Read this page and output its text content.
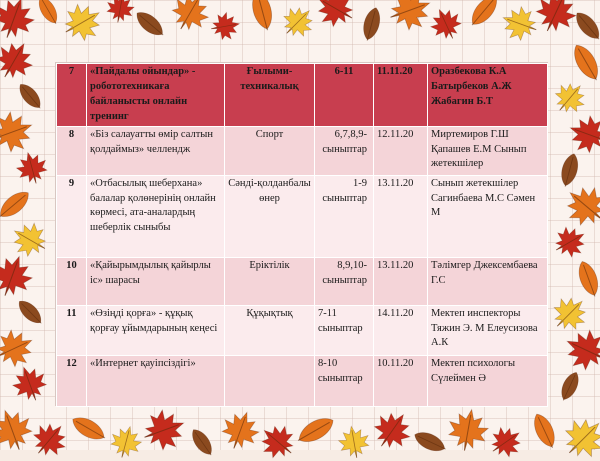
7	«Пайдалы ойындар» - робототехникаға байланысты онлайн тренинг	Ғылыми-техникалық	6-11	11.11.20	Оразбекова К.А Батырбеков А.Ж Жабагин Б.Т
8	«Біз салауатты өмір салтын қолдаймыз» челлендж	Спорт	6,7,8,9-сыныптар	12.11.20	Миртемиров Г.Ш Қапашев Е.М Сынып жетекшілер
9	«Отбасылық шеберхана» балалар қолөнерінің онлайн көрмесі, ата-аналардың шеберлік сыныбы	Сәнді-қолданбалы өнер	1-9 сыныптар	13.11.20	Сынып жетекшілер Сагинбаева М.С Сәмен М
10	«Қайырымдылық қайырлы іс» шарасы	Еріктілік	8,9,10-сыныптар	13.11.20	Тәлімгер Джексембаева Г.С
11	«Өзіңді қорға» - құқық қорғау ұйымдарының кеңесі	Құқықтық	7-11 сыныптар	14.11.20	Мектеп инспекторы Тяжин Э. М Елеусизова А.К
12	«Интернет қауіпсіздігі»		8-10 сыныптар	10.11.20	Мектеп психологы Сүлеймен Ә
